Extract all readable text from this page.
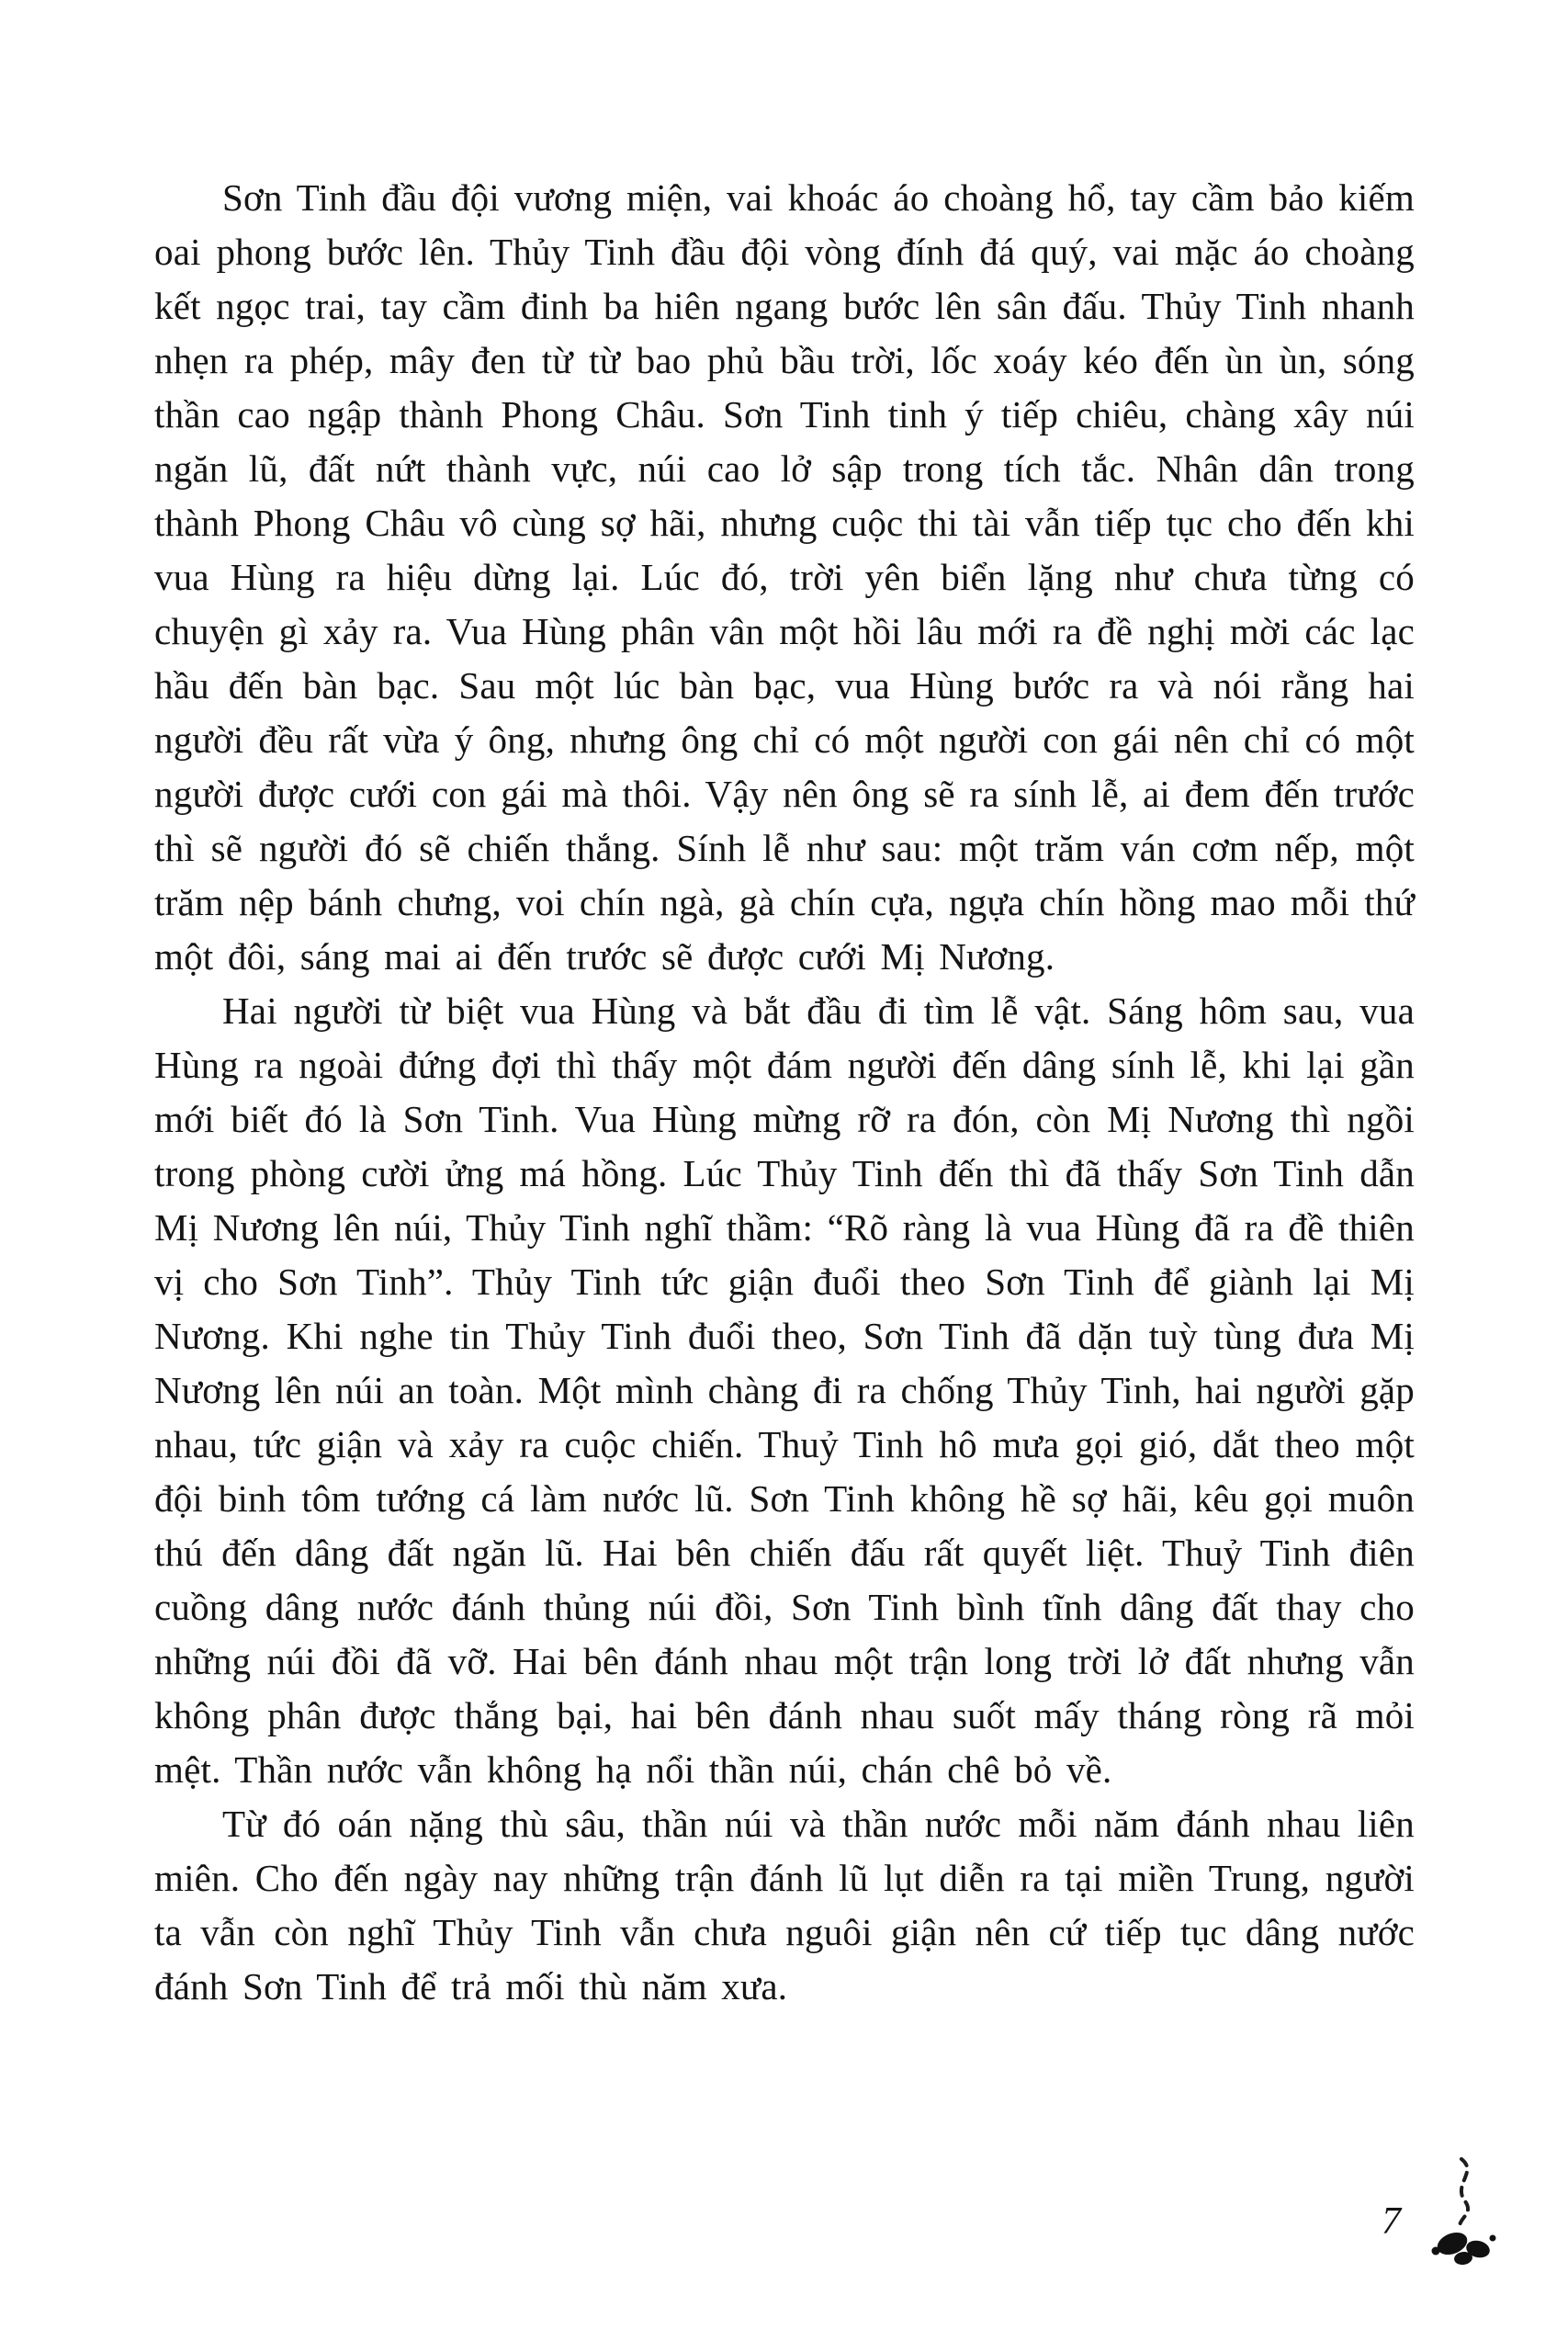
Sơn Tinh đầu đội vương miện, vai khoác áo choàng hổ, tay cầm bảo kiếm oai phong bước lên. Thủy Tinh đầu đội vòng đính đá quý, vai mặc áo choàng kết ngọc trai, tay cầm đinh ba hiên ngang bước lên sân đấu. Thủy Tinh nhanh nhẹn ra phép, mây đen từ từ bao phủ bầu trời, lốc xoáy kéo đến ùn ùn, sóng thần cao ngập thành Phong Châu. Sơn Tinh tinh ý tiếp chiêu, chàng xây núi ngăn lũ, đất nứt thành vực, núi cao lở sập trong tích tắc. Nhân dân trong thành Phong Châu vô cùng sợ hãi, nhưng cuộc thi tài vẫn tiếp tục cho đến khi vua Hùng ra hiệu dừng lại. Lúc đó, trời yên biển lặng như chưa từng có chuyện gì xảy ra. Vua Hùng phân vân một hồi lâu mới ra đề nghị mời các lạc hầu đến bàn bạc. Sau một lúc bàn bạc, vua Hùng bước ra và nói rằng hai người đều rất vừa ý ông, nhưng ông chỉ có một người con gái nên chỉ có một người được cưới con gái mà thôi. Vậy nên ông sẽ ra sính lễ, ai đem đến trước thì sẽ người đó sẽ chiến thắng. Sính lễ như sau: một trăm ván cơm nếp, một trăm nệp bánh chưng, voi chín ngà, gà chín cựa, ngựa chín hồng mao mỗi thứ một đôi, sáng mai ai đến trước sẽ được cưới Mị Nương.

Hai người từ biệt vua Hùng và bắt đầu đi tìm lễ vật. Sáng hôm sau, vua Hùng ra ngoài đứng đợi thì thấy một đám người đến dâng sính lễ, khi lại gần mới biết đó là Sơn Tinh. Vua Hùng mừng rỡ ra đón, còn Mị Nương thì ngồi trong phòng cười ửng má hồng. Lúc Thủy Tinh đến thì đã thấy Sơn Tinh dẫn Mị Nương lên núi, Thủy Tinh nghĩ thầm: “Rõ ràng là vua Hùng đã ra đề thiên vị cho Sơn Tinh”. Thủy Tinh tức giận đuổi theo Sơn Tinh để giành lại Mị Nương. Khi nghe tin Thủy Tinh đuổi theo, Sơn Tinh đã dặn tuỳ tùng đưa Mị Nương lên núi an toàn. Một mình chàng đi ra chống Thủy Tinh, hai người gặp nhau, tức giận và xảy ra cuộc chiến. Thuỷ Tinh hô mưa gọi gió, dắt theo một đội binh tôm tướng cá làm nước lũ. Sơn Tinh không hề sợ hãi, kêu gọi muôn thú đến dâng đất ngăn lũ. Hai bên chiến đấu rất quyết liệt. Thuỷ Tinh điên cuồng dâng nước đánh thủng núi đồi, Sơn Tinh bình tĩnh dâng đất thay cho những núi đồi đã vỡ. Hai bên đánh nhau một trận long trời lở đất nhưng vẫn không phân được thắng bại, hai bên đánh nhau suốt mấy tháng ròng rã mỏi mệt. Thần nước vẫn không hạ nổi thần núi, chán chê bỏ về.

Từ đó oán nặng thù sâu, thần núi và thần nước mỗi năm đánh nhau liên miên. Cho đến ngày nay những trận đánh lũ lụt diễn ra tại miền Trung, người ta vẫn còn nghĩ Thủy Tinh vẫn chưa nguôi giận nên cứ tiếp tục dâng nước đánh Sơn Tinh để trả mối thù năm xưa.

7
